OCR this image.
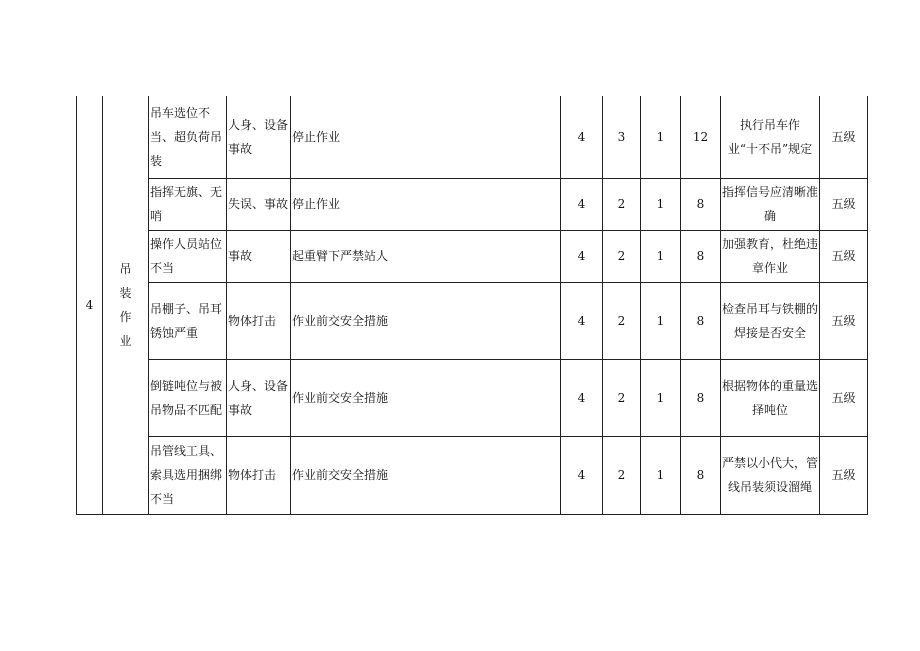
4	吊装作业	吊车选位不当、超负荷吊装	人身、设备事故	停止作业	4	3	1	12	执行吊车作业“十不吊”规定	五级
		指挥无旗、无哨	失误、事故	停止作业	4	2	1	8	指挥信号应清晰准确	五级
		操作人员站位不当	事故	起重臂下严禁站人	4	2	1	8	加强教育，杜绝违章作业	五级
		吊棚子、吊耳锈蚀严重	物体打击	作业前交安全措施	4	2	1	8	检查吊耳与铁棚的焊接是否安全	五级
		倒链吨位与被吊物品不匹配	人身、设备事故	作业前交安全措施	4	2	1	8	根据物体的重量选择吨位	五级
		吊管线工具、索具选用捆绑不当	物体打击	作业前交安全措施	4	2	1	8	严禁以小代大，管线吊装须设溜绳	五级
